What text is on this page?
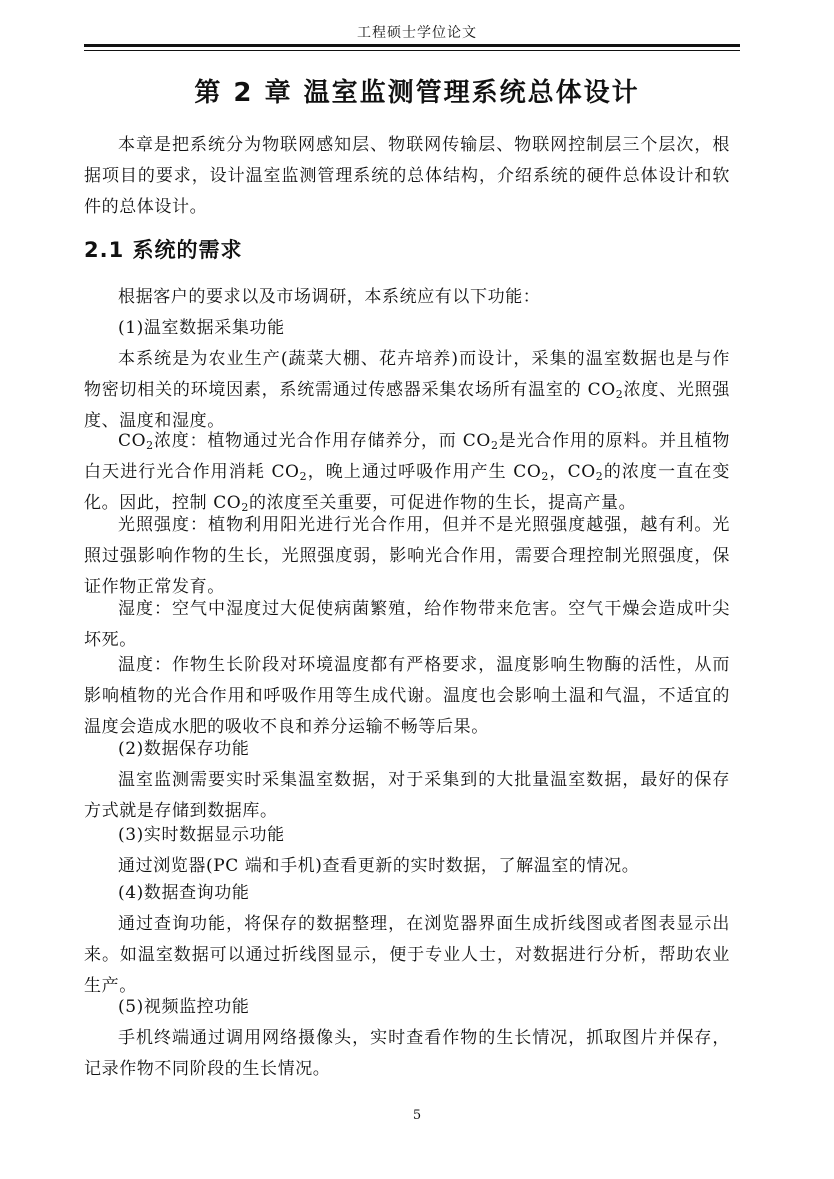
工程硕士学位论文
第 2 章 温室监测管理系统总体设计

本章是把系统分为物联网感知层、物联网传输层、物联网控制层三个层次，根据项目的要求，设计温室监测管理系统的总体结构，介绍系统的硬件总体设计和软件的总体设计。

2.1 系统的需求

根据客户的要求以及市场调研，本系统应有以下功能：

(1)温室数据采集功能

本系统是为农业生产(蔬菜大棚、花卉培养)而设计，采集的温室数据也是与作物密切相关的环境因素，系统需通过传感器采集农场所有温室的 $CO_2$浓度、光照强度、温度和湿度。

$CO_2$浓度：植物通过光合作用存储养分，而 $CO_2$是光合作用的原料。并且植物白天进行光合作用消耗 $CO_2$，晚上通过呼吸作用产生 $CO_2$，$CO_2$的浓度一直在变化。因此，控制 $CO_2$的浓度至关重要，可促进作物的生长，提高产量。

光照强度：植物利用阳光进行光合作用，但并不是光照强度越强，越有利。光照过强影响作物的生长，光照强度弱，影响光合作用，需要合理控制光照强度，保证作物正常发育。

湿度：空气中湿度过大促使病菌繁殖，给作物带来危害。空气干燥会造成叶尖坏死。

温度：作物生长阶段对环境温度都有严格要求，温度影响生物酶的活性，从而影响植物的光合作用和呼吸作用等生成代谢。温度也会影响土温和气温，不适宜的温度会造成水肥的吸收不良和养分运输不畅等后果。

(2)数据保存功能

温室监测需要实时采集温室数据，对于采集到的大批量温室数据，最好的保存方式就是存储到数据库。

(3)实时数据显示功能

通过浏览器(PC 端和手机)查看更新的实时数据，了解温室的情况。

(4)数据查询功能

通过查询功能，将保存的数据整理，在浏览器界面生成折线图或者图表显示出来。如温室数据可以通过折线图显示，便于专业人士，对数据进行分析，帮助农业生产。

(5)视频监控功能

手机终端通过调用网络摄像头，实时查看作物的生长情况，抓取图片并保存，记录作物不同阶段的生长情况。

5
